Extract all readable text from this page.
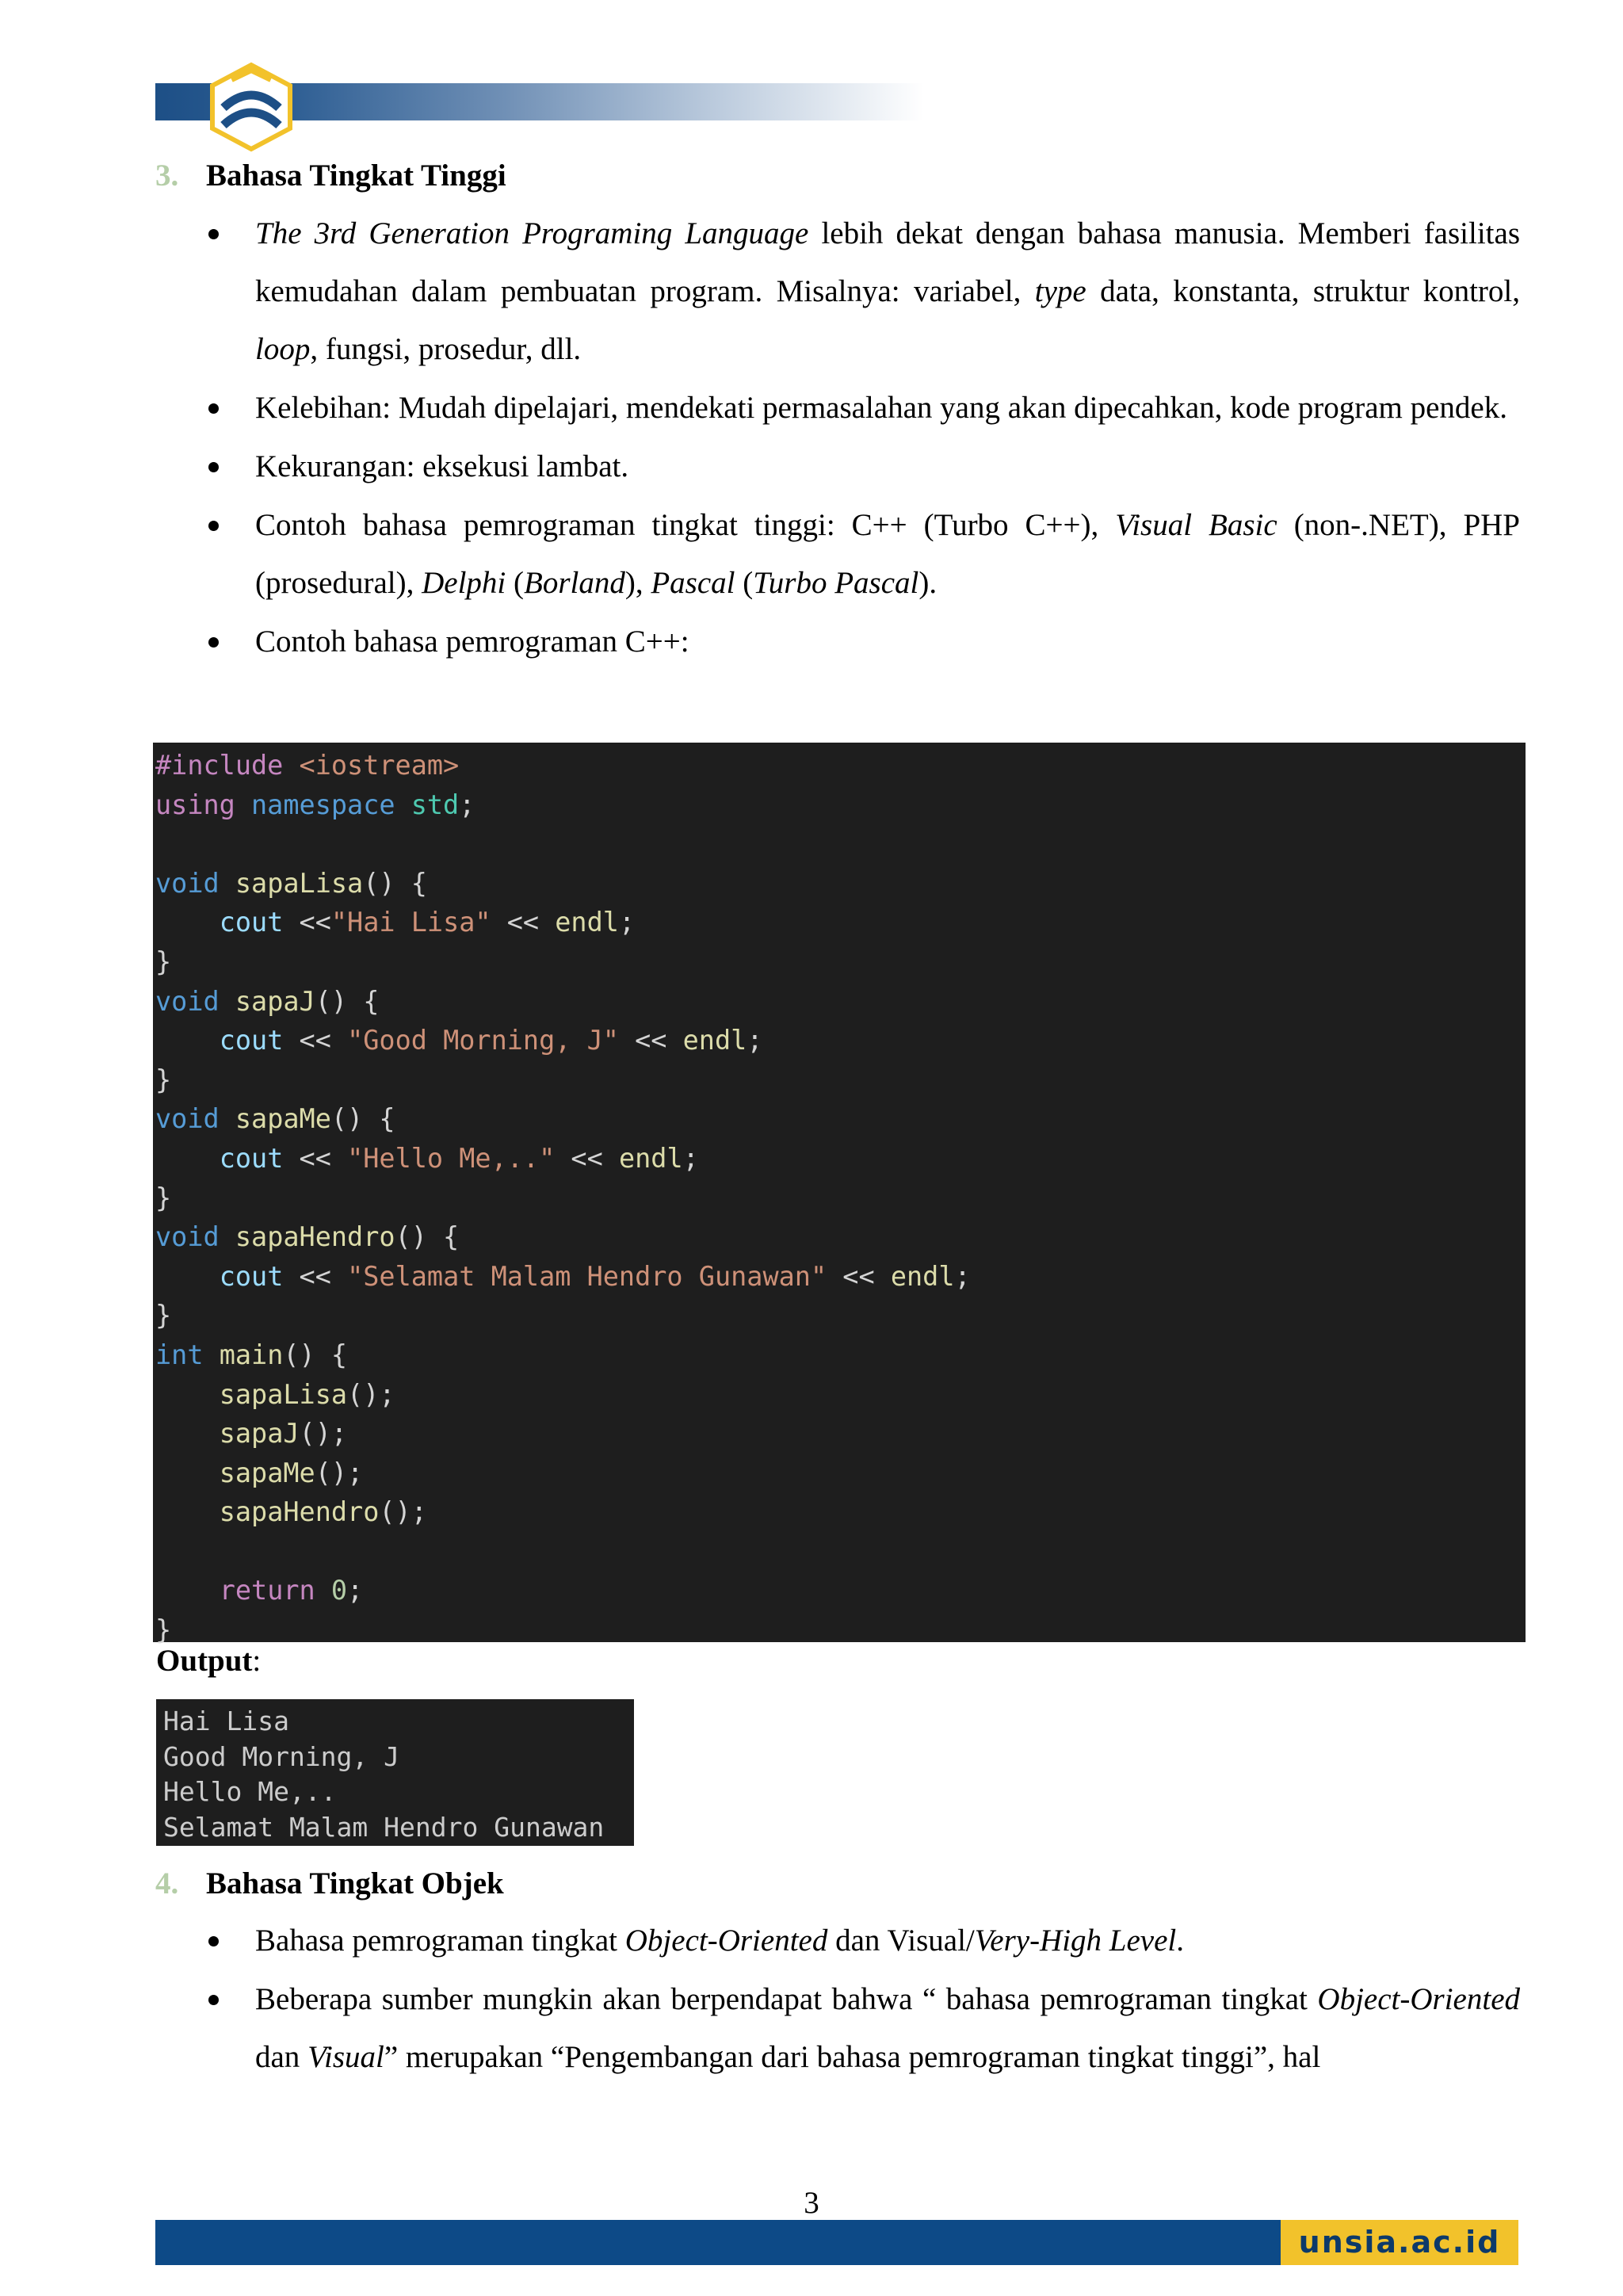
3. Bahasa Tingkat Tinggi
The 3rd Generation Programing Language lebih dekat dengan bahasa manusia. Memberi fasilitas kemudahan dalam pembuatan program. Misalnya: variabel, type data, konstanta, struktur kontrol, loop, fungsi, prosedur, dll.
Kelebihan: Mudah dipelajari, mendekati permasalahan yang akan dipecahkan, kode program pendek.
Kekurangan: eksekusi lambat.
Contoh bahasa pemrograman tingkat tinggi: C++ (Turbo C++), Visual Basic (non-.NET), PHP (prosedural), Delphi (Borland), Pascal (Turbo Pascal).
Contoh bahasa pemrograman C++:
#include <iostream>
using namespace std;

void sapaLisa() {
cout <<"Hai Lisa" << endl;
}
void sapaJ() {
cout << "Good Morning, J" << endl;
}
void sapaMe() {
cout << "Hello Me,.." << endl;
}
void sapaHendro() {
cout << "Selamat Malam Hendro Gunawan" << endl;
}
int main() {
sapaLisa();
sapaJ();
sapaMe();
sapaHendro();

return 0;
}
Output:
Hai Lisa
Good Morning, J
Hello Me,..
Selamat Malam Hendro Gunawan
4. Bahasa Tingkat Objek
Bahasa pemrograman tingkat Object-Oriented dan Visual/Very-High Level.
Beberapa sumber mungkin akan berpendapat bahwa “ bahasa pemrograman tingkat Object-Oriented dan Visual” merupakan “Pengembangan dari bahasa pemrograman tingkat tinggi”, hal
3
unsia.ac.id
